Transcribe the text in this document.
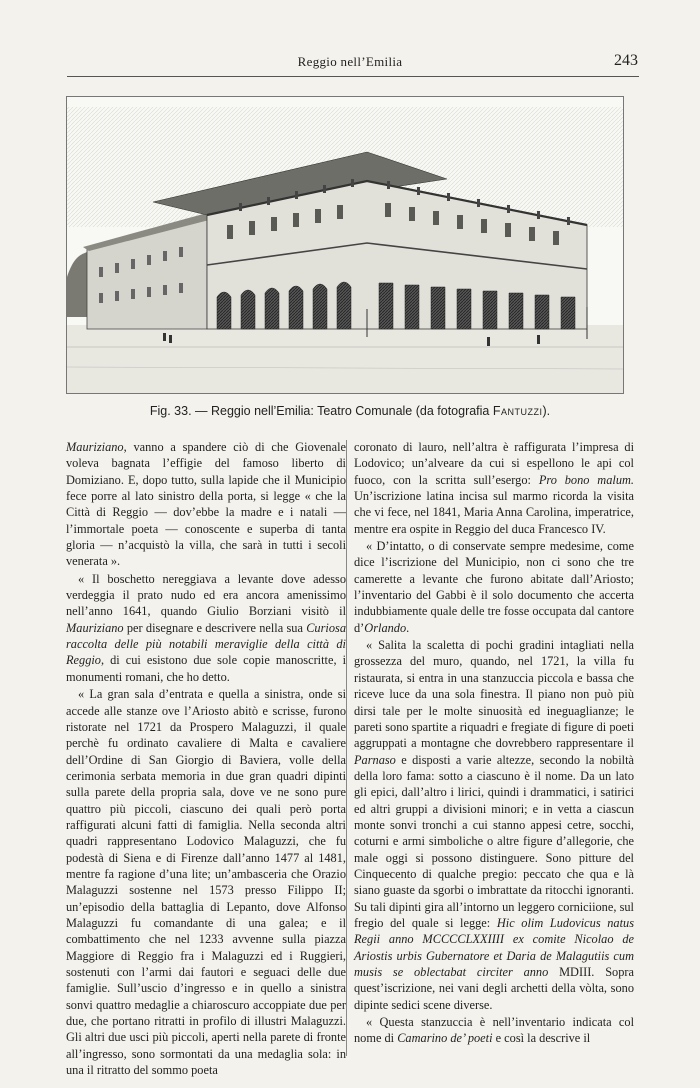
Reggio nell’Emilia	243
Fig. 33. — Reggio nell’Emilia: Teatro Comunale (da fotografia Fantuzzi).

Mauriziano, vanno a spandere ciò di che Giovenale voleva bagnata l’effigie del famoso liberto di Domiziano. E, dopo tutto, sulla lapide che il Municipio fece porre al lato sinistro della porta, si legge « che la Città di Reggio — dov’ebbe la madre e i natali — l’immortale poeta — conoscente e superba di tanta gloria — n’acquistò la villa, che sarà in tutti i secoli venerata ».

« Il boschetto nereggiava a levante dove adesso verdeggia il prato nudo ed era ancora amenissimo nell’anno 1641, quando Giulio Borziani visitò il Mauriziano per disegnare e descrivere nella sua Curiosa raccolta delle più notabili meraviglie della città di Reggio, di cui esistono due sole copie manoscritte, i monumenti romani, che ho detto.

« La gran sala d’entrata e quella a sinistra, onde si accede alle stanze ove l’Ariosto abitò e scrisse, furono ristorate nel 1721 da Prospero Malaguzzi, il quale perchè fu ordinato cavaliere di Malta e cavaliere dell’Ordine di San Giorgio di Baviera, volle della cerimonia serbata memoria in due gran quadri dipinti sulla parete della propria sala, dove ve ne sono pure quattro più piccoli, ciascuno dei quali però porta raffigurati alcuni fatti di famiglia. Nella seconda altri quadri rappresentano Lodovico Malaguzzi, che fu podestà di Siena e di Firenze dall’anno 1477 al 1481, mentre fa ragione d’una lite; un’ambasceria che Orazio Malaguzzi sostenne nel 1573 presso Filippo II; un’episodio della battaglia di Lepanto, dove Alfonso Malaguzzi fu comandante di una galea; e il combattimento che nel 1233 avvenne sulla piazza Maggiore di Reggio fra i Malaguzzi ed i Ruggieri, sostenuti con l’armi dai fautori e seguaci delle due famiglie. Sull’uscio d’ingresso e in quello a sinistra sonvi quattro medaglie a chiaroscuro accoppiate due per due, che portano ritratti in profilo di illustri Malaguzzi. Gli altri due usci più piccoli, aperti nella parete di fronte all’ingresso, sono sormontati da una medaglia sola: in una il ritratto del sommo poeta

coronato di lauro, nell’altra è raffigurata l’impresa di Lodovico; un’alveare da cui si espellono le api col fuoco, con la scritta sull’esergo: Pro bono malum. Un’iscrizione latina incisa sul marmo ricorda la visita che vi fece, nel 1841, Maria Anna Carolina, imperatrice, mentre era ospite in Reggio del duca Francesco IV.

« D’intatto, o di conservate sempre medesime, come dice l’iscrizione del Municipio, non ci sono che tre camerette a levante che furono abitate dall’Ariosto; l’inventario del Gabbi è il solo documento che accerta indubbiamente quale delle tre fosse occupata dal cantore d’Orlando.

« Salita la scaletta di pochi gradini intagliati nella grossezza del muro, quando, nel 1721, la villa fu ristaurata, si entra in una stanzuccia piccola e bassa che riceve luce da una sola finestra. Il piano non può più dirsi tale per le molte sinuosità ed ineguaglianze; le pareti sono spartite a riquadri e fregiate di figure di poeti aggruppati a montagne che dovrebbero rappresentare il Parnaso e disposti a varie altezze, secondo la nobiltà della loro fama: sotto a ciascuno è il nome. Da un lato gli epici, dall’altro i lirici, quindi i drammatici, i satirici ed altri gruppi a divisioni minori; e in vetta a ciascun monte sonvi tronchi a cui stanno appesi cetre, socchi, coturni e armi simboliche o altre figure d’allegorie, che male oggi si possono distinguere. Sono pitture del Cinquecento di qualche pregio: peccato che qua e là siano guaste da sgorbi o imbrattate da ritocchi ignoranti. Su tali dipinti gira all’intorno un leggero corniciione, sul fregio del quale si legge: Hic olim Ludovicus natus Regii anno MCCCCLXXIIII ex comite Nicolao de Ariostis urbis Gubernatore et Daria de Malagutiis cum musis se oblectabat circiter anno MDIII. Sopra quest’iscrizione, nei vani degli archetti della vòlta, sono dipinte sedici scene diverse.

« Questa stanzuccia è nell’inventario indicata col nome di Camarino de’ poeti e così la descrive il
